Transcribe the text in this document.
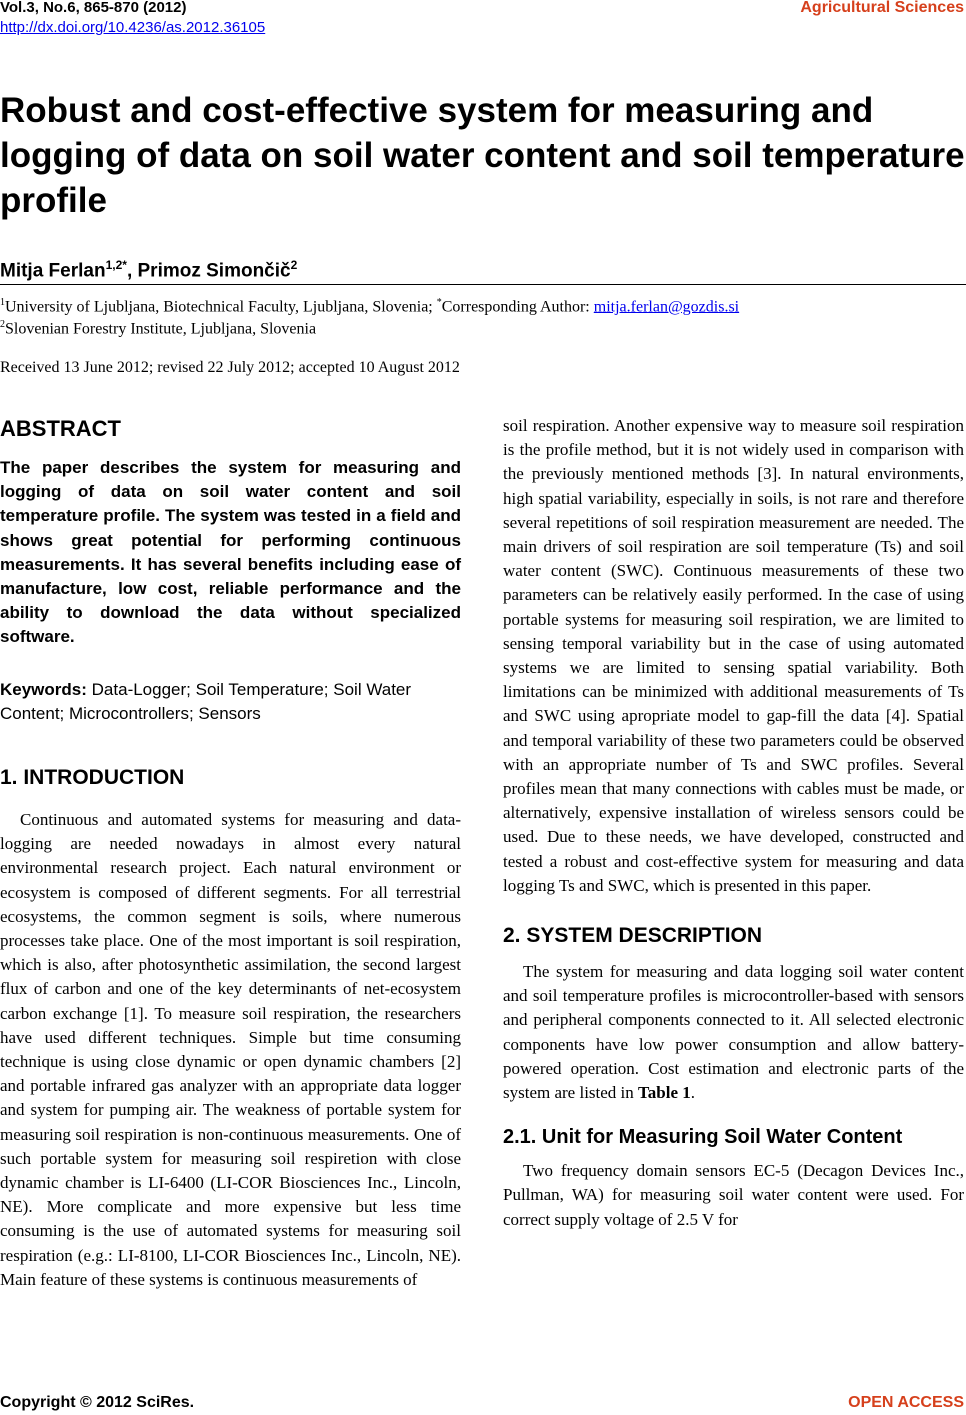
Vol.3, No.6, 865-870 (2012)
http://dx.doi.org/10.4236/as.2012.36105
Agricultural Sciences
Robust and cost-effective system for measuring and logging of data on soil water content and soil temperature profile
Mitja Ferlan$^{1,2*}$, Primoz Simončič$^2$
$^1$University of Ljubljana, Biotechnical Faculty, Ljubljana, Slovenia; *Corresponding Author: mitja.ferlan@gozdis.si
$^2$Slovenian Forestry Institute, Ljubljana, Slovenia
Received 13 June 2012; revised 22 July 2012; accepted 10 August 2012
ABSTRACT

The paper describes the system for measuring and logging of data on soil water content and soil temperature profile. The system was tested in a field and shows great potential for performing continuous measurements. It has several benefits including ease of manufacture, low cost, reliable performance and the ability to download the data without specialized software.

Keywords: Data-Logger; Soil Temperature; Soil Water Content; Microcontrollers; Sensors

1. INTRODUCTION

Continuous and automated systems for measuring and data-logging are needed nowadays in almost every natural environmental research project. Each natural environment or ecosystem is composed of different segments. For all terrestrial ecosystems, the common segment is soils, where numerous processes take place. One of the most important is soil respiration, which is also, after photosynthetic assimilation, the second largest flux of carbon and one of the key determinants of net-ecosystem carbon exchange [1]. To measure soil respiration, the researchers have used different techniques. Simple but time consuming technique is using close dynamic or open dynamic chambers [2] and portable infrared gas analyzer with an appropriate data logger and system for pumping air. The weakness of portable system for measuring soil respiration is non-continuous measurements. One of such portable system for measuring soil respiretion with close dynamic chamber is LI-6400 (LI-COR Biosciences Inc., Lincoln, NE). More complicate and more expensive but less time consuming is the use of automated systems for measuring soil respiration (e.g.: LI-8100, LI-COR Biosciences Inc., Lincoln, NE). Main feature of these systems is continuous measurements of

soil respiration. Another expensive way to measure soil respiration is the profile method, but it is not widely used in comparison with the previously mentioned methods [3]. In natural environments, high spatial variability, especially in soils, is not rare and therefore several repetitions of soil respiration measurement are needed. The main drivers of soil respiration are soil temperature (Ts) and soil water content (SWC). Continuous measurements of these two parameters can be relatively easily performed. In the case of using portable systems for measuring soil respiration, we are limited to sensing temporal variability but in the case of using automated systems we are limited to sensing spatial variability. Both limitations can be minimized with additional measurements of Ts and SWC using apropriate model to gap-fill the data [4]. Spatial and temporal variability of these two parameters could be observed with an appropriate number of Ts and SWC profiles. Several profiles mean that many connections with cables must be made, or alternatively, expensive installation of wireless sensors could be used. Due to these needs, we have developed, constructed and tested a robust and cost-effective system for measuring and data logging Ts and SWC, which is presented in this paper.

2. SYSTEM DESCRIPTION

The system for measuring and data logging soil water content and soil temperature profiles is microcontroller-based with sensors and peripheral components connected to it. All selected electronic components have low power consumption and allow battery-powered operation. Cost estimation and electronic parts of the system are listed in Table 1.

2.1. Unit for Measuring Soil Water Content

Two frequency domain sensors EC-5 (Decagon Devices Inc., Pullman, WA) for measuring soil water content were used. For correct supply voltage of 2.5 V for

Copyright © 2012 SciRes.	OPEN ACCESS
